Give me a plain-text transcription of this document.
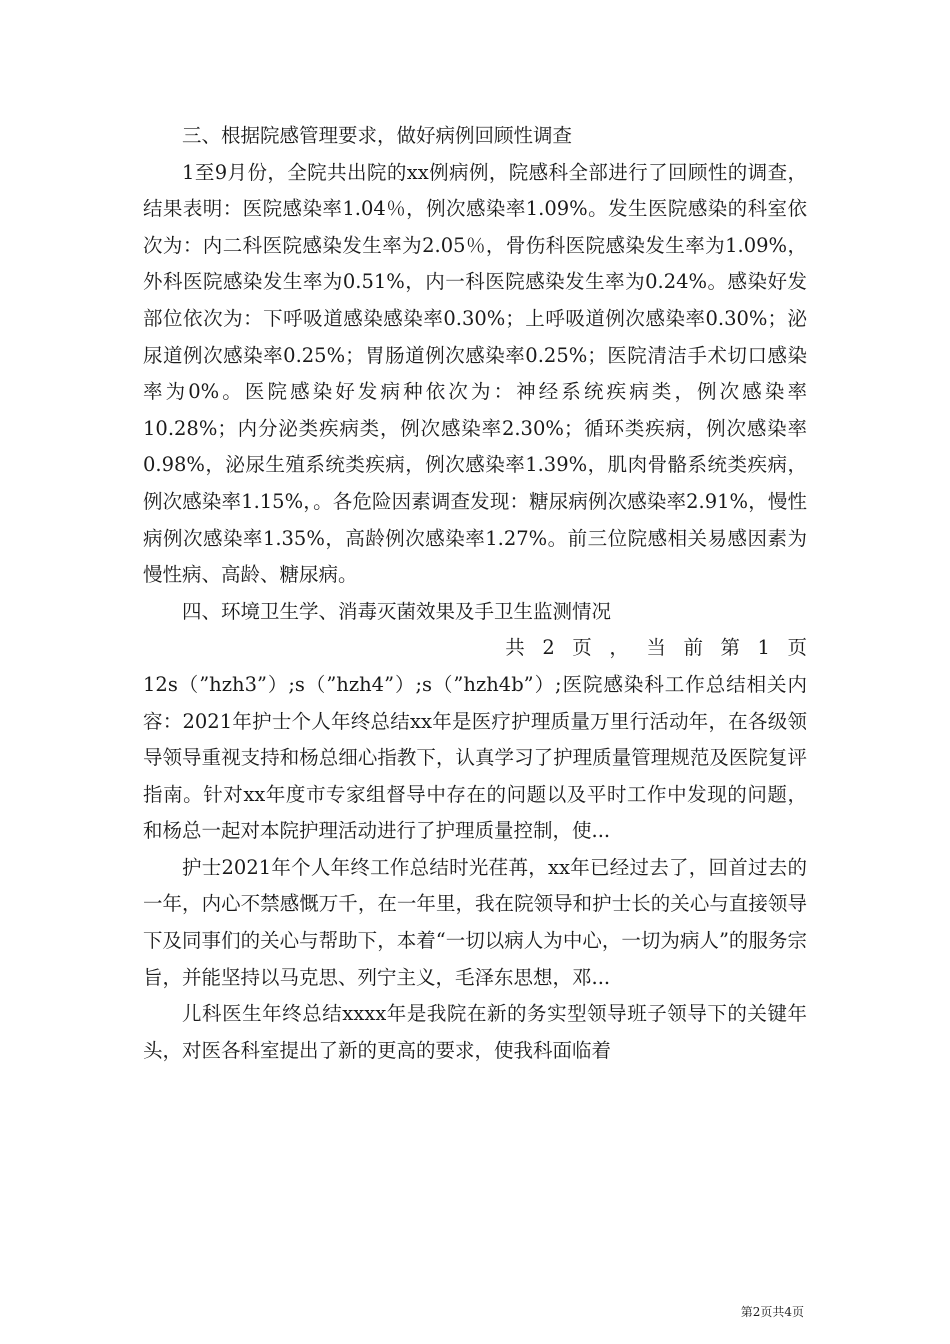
三、根据院感管理要求，做好病例回顾性调查

1至9月份，全院共出院的xx例病例，院感科全部进行了回顾性的调查，结果表明：医院感染率1.04％，例次感染率1.09%。发生医院感染的科室依次为：内二科医院感染发生率为2.05％，骨伤科医院感染发生率为1.09%，外科医院感染发生率为0.51%，内一科医院感染发生率为0.24%。感染好发部位依次为：下呼吸道感染感染率0.30%；上呼吸道例次感染率0.30%；泌尿道例次感染率0.25%；胃肠道例次感染率0.25%；医院清洁手术切口感染率为0%。医院感染好发病种依次为：神经系统疾病类，例次感染率10.28%；内分泌类疾病类，例次感染率2.30%；循环类疾病，例次感染率0.98%，泌尿生殖系统类疾病，例次感染率1.39%，肌肉骨骼系统类疾病，例次感染率1.15%，。各危险因素调查发现：糖尿病例次感染率2.91%，慢性病例次感染率1.35%，高龄例次感染率1.27%。前三位院感相关易感因素为慢性病、高龄、糖尿病。

四、环境卫生学、消毒灭菌效果及手卫生监测情况

共2页，当前第1页

12s（”hzh3”）;s（”hzh4”）;s（”hzh4b”）;医院感染科工作总结相关内容：2021年护士个人年终总结xx年是医疗护理质量万里行活动年，在各级领导领导重视支持和杨总细心指教下，认真学习了护理质量管理规范及医院复评指南。针对xx年度市专家组督导中存在的问题以及平时工作中发现的问题，和杨总一起对本院护理活动进行了护理质量控制，使...

护士2021年个人年终工作总结时光荏苒，xx年已经过去了，回首过去的一年，内心不禁感慨万千，在一年里，我在院领导和护士长的关心与直接领导下及同事们的关心与帮助下，本着“一切以病人为中心，一切为病人”的服务宗旨，并能坚持以马克思、列宁主义，毛泽东思想，邓...

儿科医生年终总结xxxx年是我院在新的务实型领导班子领导下的关键年头，对医各科室提出了新的更高的要求，使我科面临着

第2页共4页
